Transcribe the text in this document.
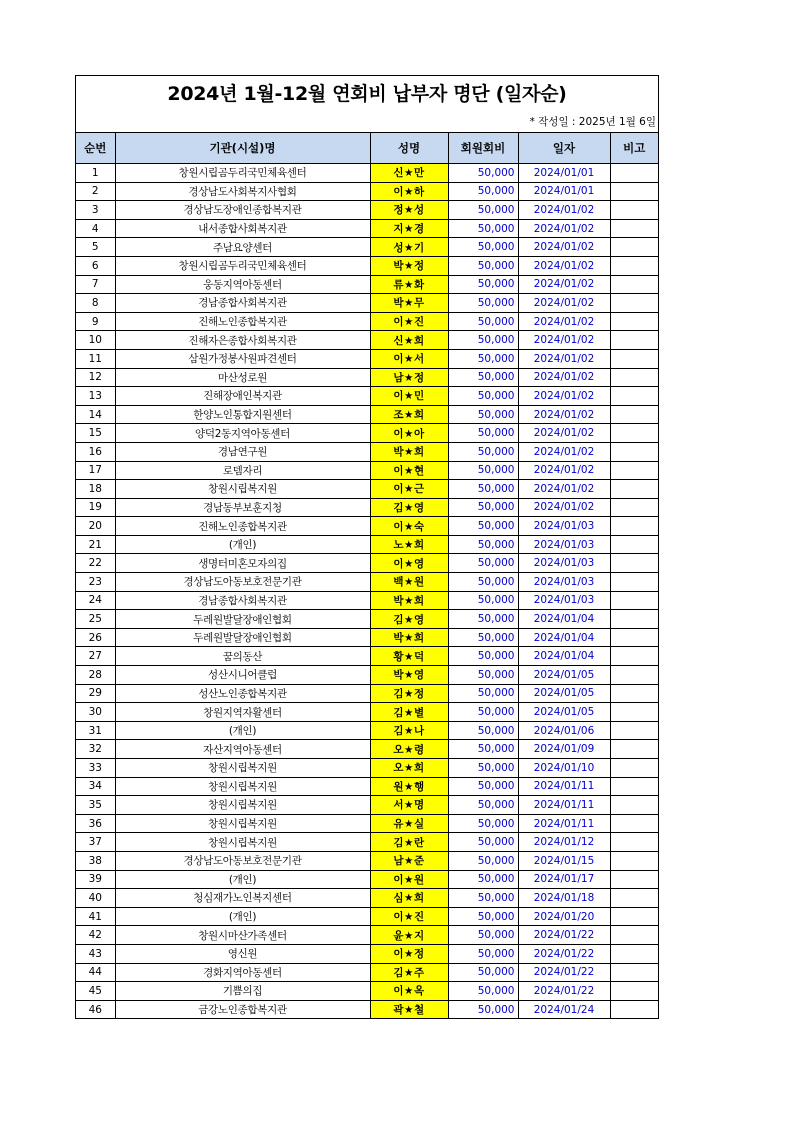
2024년 1월-12월 연회비 납부자 명단 (일자순)
* 작성일 : 2025년 1월 6일
순번	기관(시설)명	성명	회원회비	일자	비고
1	창원시립곰두리국민체육센터	신★만	50,000	2024/01/01	
2	경상남도사회복지사협회	이★하	50,000	2024/01/01	
3	경상남도장애인종합복지관	정★성	50,000	2024/01/02	
4	내서종합사회복지관	지★경	50,000	2024/01/02	
5	주남요양센터	성★기	50,000	2024/01/02	
6	창원시립곰두리국민체육센터	박★정	50,000	2024/01/02	
7	웅동지역아동센터	류★화	50,000	2024/01/02	
8	경남종합사회복지관	박★무	50,000	2024/01/02	
9	진해노인종합복지관	이★진	50,000	2024/01/02	
10	진해자은종합사회복지관	신★희	50,000	2024/01/02	
11	삼원가정봉사원파견센터	이★서	50,000	2024/01/02	
12	마산성로원	남★정	50,000	2024/01/02	
13	진해장애인복지관	이★민	50,000	2024/01/02	
14	한양노인통합지원센터	조★희	50,000	2024/01/02	
15	양덕2동지역아동센터	이★아	50,000	2024/01/02	
16	경남연구원	박★희	50,000	2024/01/02	
17	로뎀자리	이★현	50,000	2024/01/02	
18	창원시립복지원	이★근	50,000	2024/01/02	
19	경남동부보훈지청	김★영	50,000	2024/01/02	
20	진해노인종합복지관	이★숙	50,000	2024/01/03	
21	(개인)	노★희	50,000	2024/01/03	
22	생명터미혼모자의집	이★영	50,000	2024/01/03	
23	경상남도아동보호전문기관	백★원	50,000	2024/01/03	
24	경남종합사회복지관	박★희	50,000	2024/01/03	
25	두레원발달장애인협회	김★영	50,000	2024/01/04	
26	두레원발달장애인협회	박★희	50,000	2024/01/04	
27	꿈의동산	황★덕	50,000	2024/01/04	
28	성산시니어클럽	박★영	50,000	2024/01/05	
29	성산노인종합복지관	김★정	50,000	2024/01/05	
30	창원지역자활센터	김★별	50,000	2024/01/05	
31	(개인)	김★나	50,000	2024/01/06	
32	자산지역아동센터	오★령	50,000	2024/01/09	
33	창원시립복지원	오★희	50,000	2024/01/10	
34	창원시립복지원	원★행	50,000	2024/01/11	
35	창원시립복지원	서★명	50,000	2024/01/11	
36	창원시립복지원	유★실	50,000	2024/01/11	
37	창원시립복지원	김★란	50,000	2024/01/12	
38	경상남도아동보호전문기관	남★준	50,000	2024/01/15	
39	(개인)	이★원	50,000	2024/01/17	
40	청심재가노인복지센터	심★희	50,000	2024/01/18	
41	(개인)	이★진	50,000	2024/01/20	
42	창원시마산가족센터	윤★지	50,000	2024/01/22	
43	영신원	이★정	50,000	2024/01/22	
44	경화지역아동센터	김★주	50,000	2024/01/22	
45	기쁨의집	이★옥	50,000	2024/01/22	
46	금강노인종합복지관	곽★철	50,000	2024/01/24	
